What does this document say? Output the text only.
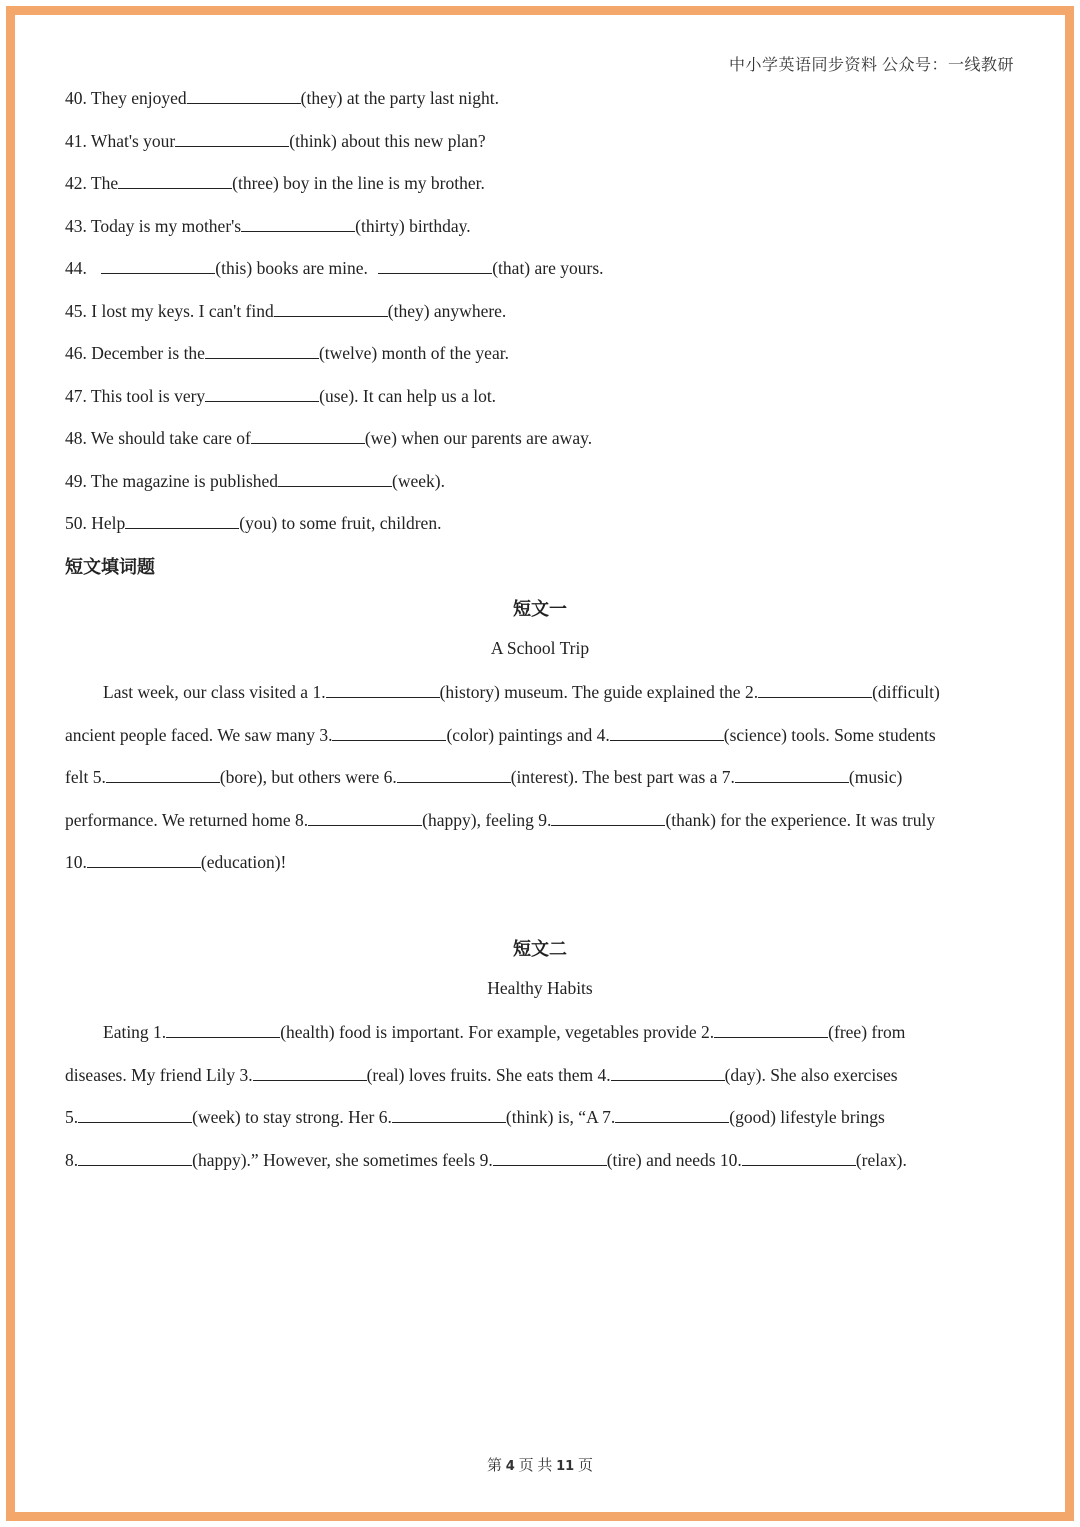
中小学英语同步资料 公众号：一线教研
40. They enjoyed	(they) at the party last night.
41. What's your	(think) about this new plan?
42. The	(three) boy in the line is my brother.
43. Today is my mother's	(thirty) birthday.
44.	(this) books are mine.	(that) are yours.
45. I lost my keys. I can't find	(they) anywhere.
46. December is the	(twelve) month of the year.
47. This tool is very	(use). It can help us a lot.
48. We should take care of	(we) when our parents are away.
49. The magazine is published	(week).
50. Help	(you) to some fruit, children.
短文填词题
短文一
A School Trip
Last week, our class visited a 1.	(history) museum. The guide explained the 2.	(difficult)
ancient people faced. We saw many 3.	(color) paintings and 4.	(science) tools. Some students
felt 5.	(bore), but others were 6.	(interest). The best part was a 7.	(music)
performance. We returned home 8.	(happy), feeling 9.	(thank) for the experience. It was truly
10.	(education)!
短文二
Healthy Habits
Eating 1.	(health) food is important. For example, vegetables provide 2.	(free) from
diseases. My friend Lily 3.	(real) loves fruits. She eats them 4.	(day). She also exercises
5.	(week) to stay strong. Her 6.	(think) is, “A 7.	(good) lifestyle brings
8.	(happy).” However, she sometimes feels 9.	(tire) and needs 10.	(relax).
第 4 页 共 11 页
